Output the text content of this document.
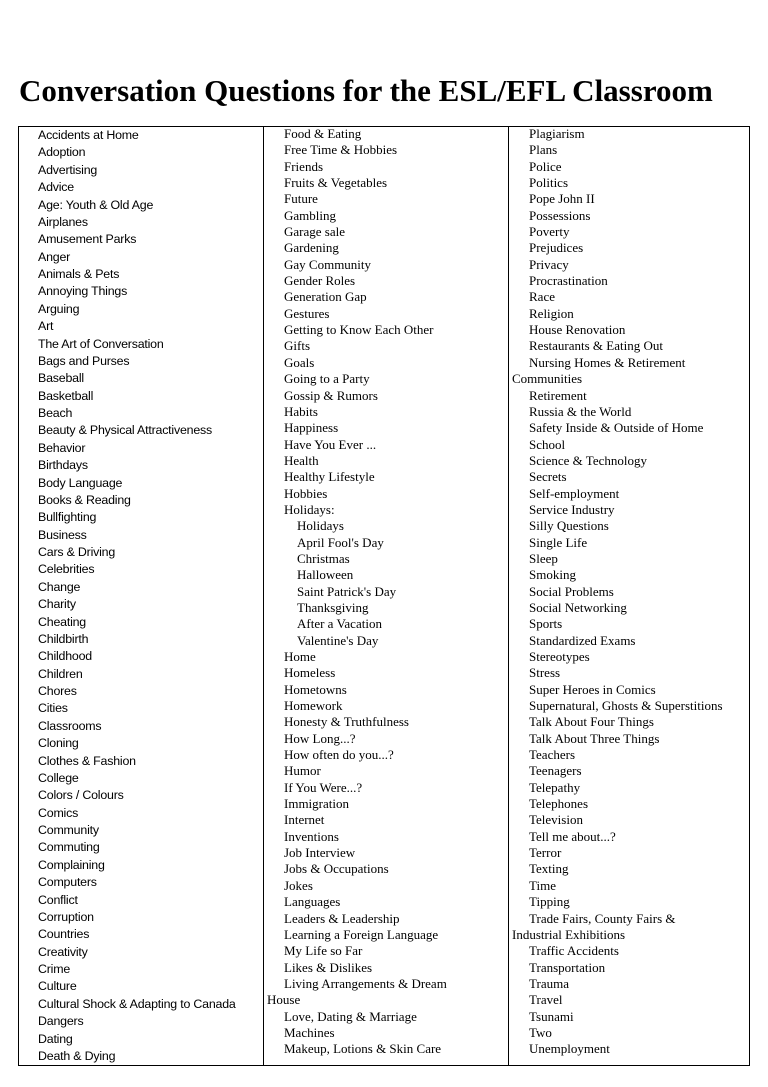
Conversation Questions for the ESL/EFL Classroom
Accidents at Home
Adoption
Advertising
Advice
Age: Youth & Old Age
Airplanes
Amusement Parks
Anger
Animals & Pets
Annoying Things
Arguing
Art
The Art of Conversation
Bags and Purses
Baseball
Basketball
Beach
Beauty & Physical Attractiveness
Behavior
Birthdays
Body Language
Books & Reading
Bullfighting
Business
Cars & Driving
Celebrities
Change
Charity
Cheating
Childbirth
Childhood
Children
Chores
Cities
Classrooms
Cloning
Clothes & Fashion
College
Colors / Colours
Comics
Community
Commuting
Complaining
Computers
Conflict
Corruption
Countries
Creativity
Crime
Culture
Cultural Shock & Adapting to Canada
Dangers
Dating
Death & Dying
Food & Eating
Free Time & Hobbies
Friends
Fruits & Vegetables
Future
Gambling
Garage sale
Gardening
Gay Community
Gender Roles
Generation Gap
Gestures
Getting to Know Each Other
Gifts
Goals
Going to a Party
Gossip & Rumors
Habits
Happiness
Have You Ever ...
Health
Healthy Lifestyle
Hobbies
Holidays:
Holidays
April Fool's Day
Christmas
Halloween
Saint Patrick's Day
Thanksgiving
After a Vacation
Valentine's Day
Home
Homeless
Hometowns
Homework
Honesty & Truthfulness
How Long...?
How often do you...?
Humor
If You Were...?
Immigration
Internet
Inventions
Job Interview
Jobs & Occupations
Jokes
Languages
Leaders & Leadership
Learning a Foreign Language
My Life so Far
Likes & Dislikes
Living Arrangements & Dream
House
Love, Dating & Marriage
Machines
Makeup, Lotions & Skin Care
Plagiarism
Plans
Police
Politics
Pope John II
Possessions
Poverty
Prejudices
Privacy
Procrastination
Race
Religion
House Renovation
Restaurants & Eating Out
Nursing Homes & Retirement
Communities
Retirement
Russia & the World
Safety Inside & Outside of Home
School
Science & Technology
Secrets
Self-employment
Service Industry
Silly Questions
Single Life
Sleep
Smoking
Social Problems
Social Networking
Sports
Standardized Exams
Stereotypes
Stress
Super Heroes in Comics
Supernatural, Ghosts & Superstitions
Talk About Four Things
Talk About Three Things
Teachers
Teenagers
Telepathy
Telephones
Television
Tell me about...?
Terror
Texting
Time
Tipping
Trade Fairs, County Fairs &
Industrial Exhibitions
Traffic Accidents
Transportation
Trauma
Travel
Tsunami
Two
Unemployment
